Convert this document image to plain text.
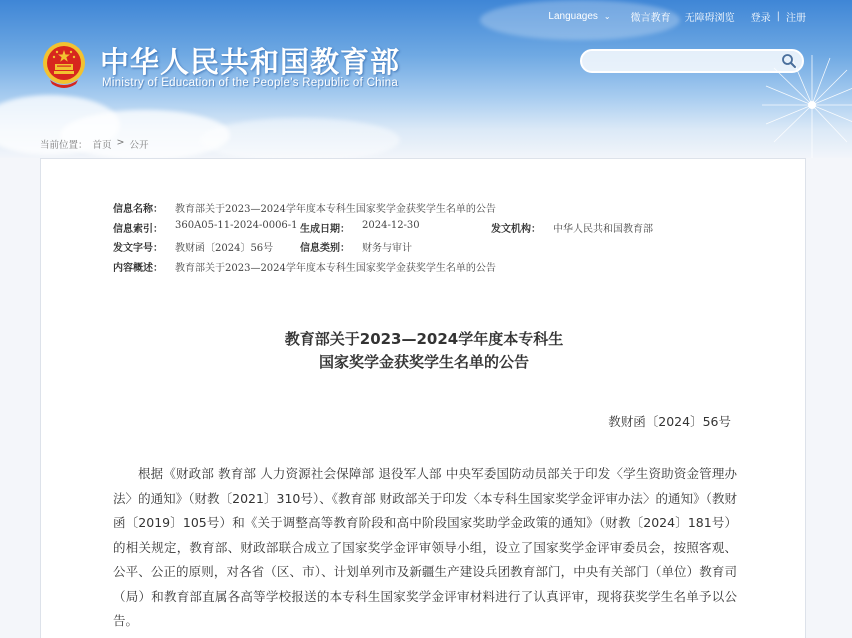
Languages ⌄ 微言教育 无障碍浏览 登录 | 注册
中华人民共和国教育部
Ministry of Education of the People's Republic of China
当前位置： 首页 > 公开
信息名称： 教育部关于2023—2024学年度本专科生国家奖学金获奖学生名单的公告
信息索引： 360A05-11-2024-0006-1 生成日期： 2024-12-30	发文机构： 中华人民共和国教育部
发文字号： 教财函〔2024〕56号	信息类别： 财务与审计
内容概述： 教育部关于2023—2024学年度本专科生国家奖学金获奖学生名单的公告
教育部关于2023—2024学年度本专科生
国家奖学金获奖学生名单的公告
教财函〔2024〕56号
根据《财政部 教育部 人力资源社会保障部 退役军人部 中央军委国防动员部关于印发〈学生资助资金管理办法〉的通知》（财教〔2021〕310号）、《教育部 财政部关于印发〈本专科生国家奖学金评审办法〉的通知》（教财函〔2019〕105号）和《关于调整高等教育阶段和高中阶段国家奖助学金政策的通知》（财教〔2024〕181号）的相关规定，教育部、财政部联合成立了国家奖学金评审领导小组，设立了国家奖学金评审委员会，按照客观、公平、公正的原则，对各省（区、市）、计划单列市及新疆生产建设兵团教育部门，中央有关部门（单位）教育司（局）和教育部直属各高等学校报送的本专科生国家奖学金评审材料进行了认真评审，现将获奖学生名单予以公告。
